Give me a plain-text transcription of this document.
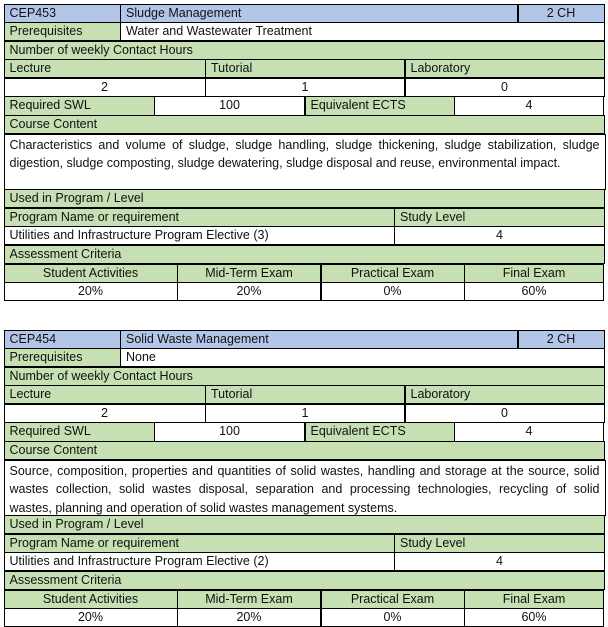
CEP453	Sludge Management	2 CH
Prerequisites	Water and Wastewater Treatment
Number of weekly Contact Hours
Lecture	Tutorial	Laboratory
2	1	0
Required SWL	100	Equivalent ECTS	4
Course Content
Characteristics and volume of sludge, sludge handling, sludge thickening, sludge stabilization, sludge digestion, sludge composting, sludge dewatering, sludge disposal and reuse, environmental impact.
Used in Program / Level
Program Name or requirement	Study Level
Utilities and Infrastructure Program Elective (3)	4
Assessment Criteria
Student Activities	Mid-Term Exam	Practical Exam	Final Exam
20%	20%	0%	60%
CEP454	Solid Waste Management	2 CH
Prerequisites	None
Number of weekly Contact Hours
Lecture	Tutorial	Laboratory
2	1	0
Required SWL	100	Equivalent ECTS	4
Course Content
Source, composition, properties and quantities of solid wastes, handling and storage at the source, solid wastes collection, solid wastes disposal, separation and processing technologies, recycling of solid wastes, planning and operation of solid wastes management systems.
Used in Program / Level
Program Name or requirement	Study Level
Utilities and Infrastructure Program Elective (2)	4
Assessment Criteria
Student Activities	Mid-Term Exam	Practical Exam	Final Exam
20%	20%	0%	60%
